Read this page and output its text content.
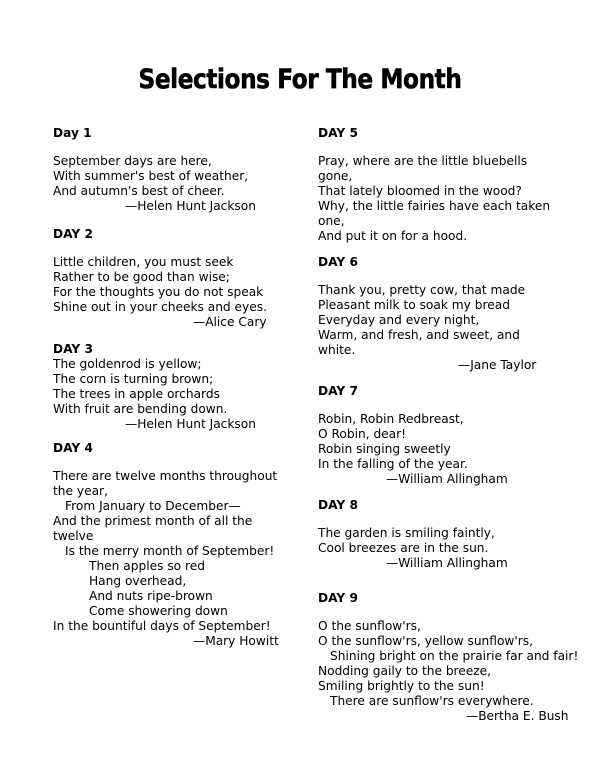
Selections For The Month
Day 1
September days are here,
With summer's best of weather,
And autumn's best of cheer.
—Helen Hunt Jackson
DAY 2
Little children, you must seek
Rather to be good than wise;
For the thoughts you do not speak
Shine out in your cheeks and eyes.
—Alice Cary
DAY 3
The goldenrod is yellow;
The corn is turning brown;
The trees in apple orchards
With fruit are bending down.
—Helen Hunt Jackson
DAY 4
There are twelve months throughout
the year,
From January to December—
And the primest month of all the
twelve
Is the merry month of September!
Then apples so red
Hang overhead,
And nuts ripe-brown
Come showering down
In the bountiful days of September!
—Mary Howitt
DAY 5
Pray, where are the little bluebells
gone,
That lately bloomed in the wood?
Why, the little fairies have each taken
one,
And put it on for a hood.
DAY 6
Thank you, pretty cow, that made
Pleasant milk to soak my bread
Everyday and every night,
Warm, and fresh, and sweet, and
white.
—Jane Taylor
DAY 7
Robin, Robin Redbreast,
O Robin, dear!
Robin singing sweetly
In the falling of the year.
—William Allingham
DAY 8
The garden is smiling faintly,
Cool breezes are in the sun.
—William Allingham
DAY 9
O the sunflow'rs,
O the sunflow'rs, yellow sunflow'rs,
Shining bright on the prairie far and fair!
Nodding gaily to the breeze,
Smiling brightly to the sun!
There are sunflow'rs everywhere.
—Bertha E. Bush
